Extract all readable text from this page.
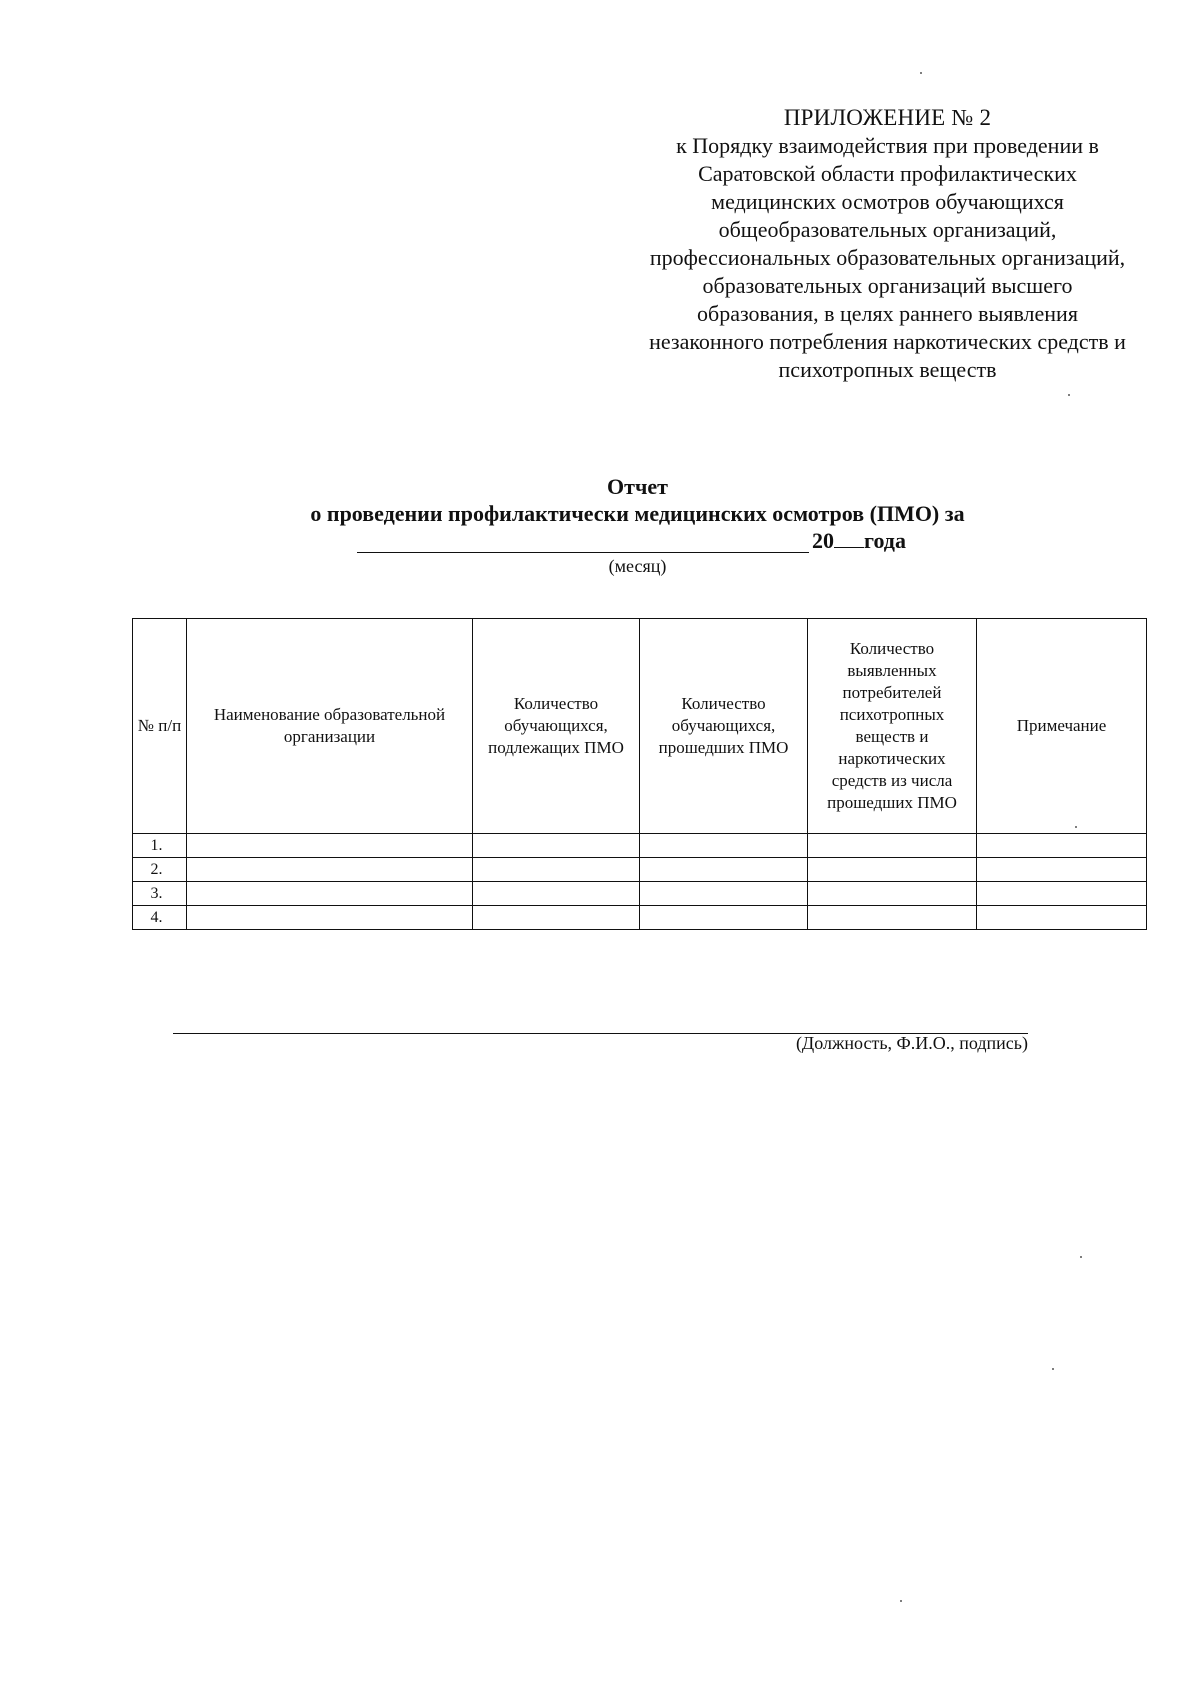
ПРИЛОЖЕНИЕ № 2
к Порядку взаимодействия при проведении в
Саратовской области профилактических
медицинских осмотров обучающихся
общеобразовательных организаций,
профессиональных образовательных организаций,
образовательных организаций высшего
образования, в целях раннего выявления
незаконного потребления наркотических средств и
психотропных веществ
Отчет
о проведении профилактически медицинских осмотров (ПМО) за
20 года
(месяц)
№ п/п	Наименование образовательной организации	Количество обучающихся, подлежащих ПМО	Количество обучающихся, прошедших ПМО	Количество выявленных потребителей психотропных веществ и наркотических средств из числа прошедших ПМО	Примечание
1.					
2.					
3.					
4.					
(Должность, Ф.И.О., подпись)
